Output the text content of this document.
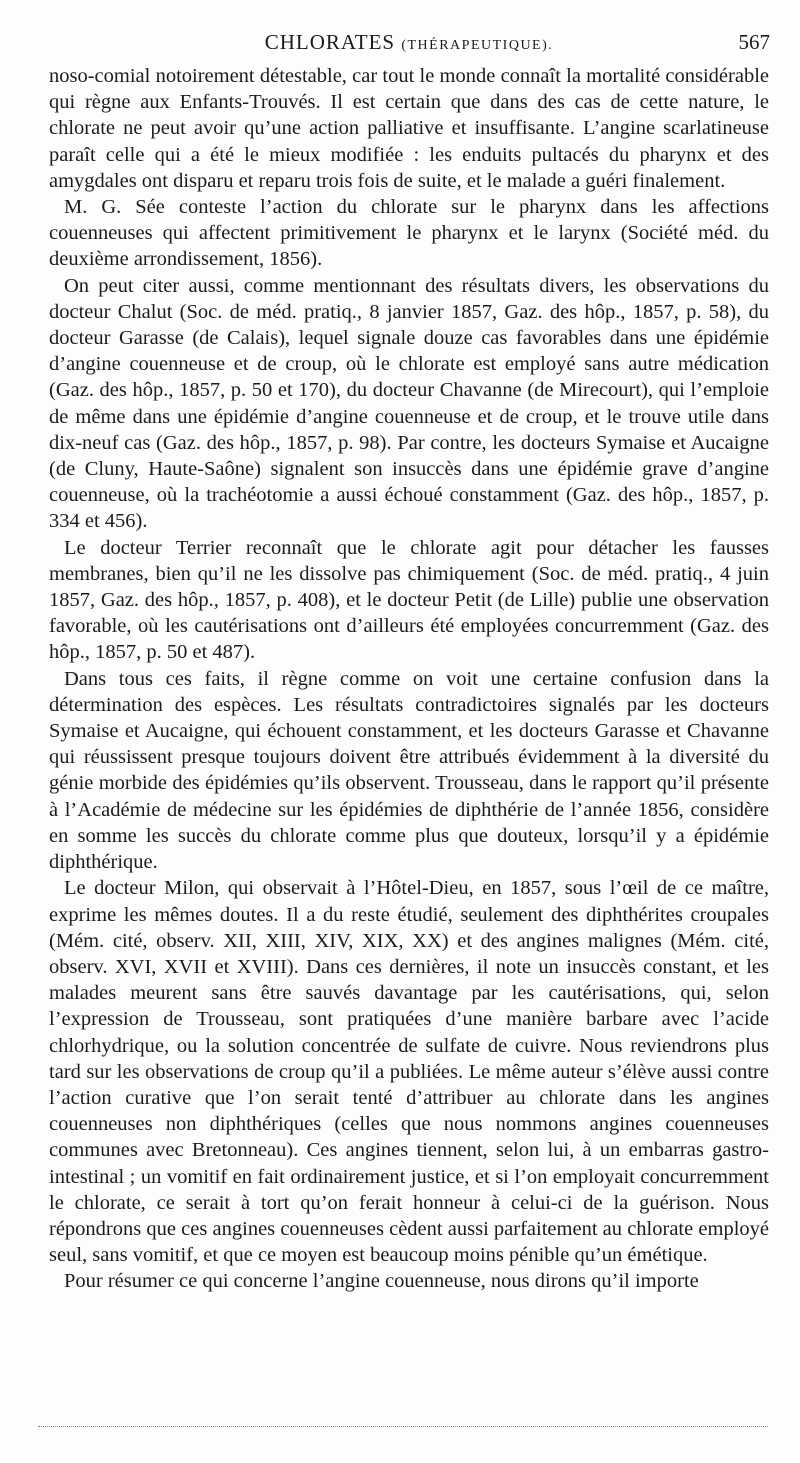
CHLORATES (THÉRAPEUTIQUE).	567

noso-comial notoirement détestable, car tout le monde connaît la mortalité considérable qui règne aux Enfants-Trouvés. Il est certain que dans des cas de cette nature, le chlorate ne peut avoir qu’une action palliative et insuffisante. L’angine scarlatineuse paraît celle qui a été le mieux modifiée : les enduits pultacés du pharynx et des amygdales ont disparu et reparu trois fois de suite, et le malade a guéri finalement.

M. G. Sée conteste l’action du chlorate sur le pharynx dans les affections couenneuses qui affectent primitivement le pharynx et le larynx (Société méd. du deuxième arrondissement, 1856).

On peut citer aussi, comme mentionnant des résultats divers, les observations du docteur Chalut (Soc. de méd. pratiq., 8 janvier 1857, Gaz. des hôp., 1857, p. 58), du docteur Garasse (de Calais), lequel signale douze cas favorables dans une épidémie d’angine couenneuse et de croup, où le chlorate est employé sans autre médication (Gaz. des hôp., 1857, p. 50 et 170), du docteur Chavanne (de Mirecourt), qui l’emploie de même dans une épidémie d’angine couenneuse et de croup, et le trouve utile dans dix-neuf cas (Gaz. des hôp., 1857, p. 98). Par contre, les docteurs Symaise et Aucaigne (de Cluny, Haute-Saône) signalent son insuccès dans une épidémie grave d’angine couenneuse, où la trachéotomie a aussi échoué constamment (Gaz. des hôp., 1857, p. 334 et 456).

Le docteur Terrier reconnaît que le chlorate agit pour détacher les fausses membranes, bien qu’il ne les dissolve pas chimiquement (Soc. de méd. pratiq., 4 juin 1857, Gaz. des hôp., 1857, p. 408), et le docteur Petit (de Lille) publie une observation favorable, où les cautérisations ont d’ailleurs été employées concurremment (Gaz. des hôp., 1857, p. 50 et 487).

Dans tous ces faits, il règne comme on voit une certaine confusion dans la détermination des espèces. Les résultats contradictoires signalés par les docteurs Symaise et Aucaigne, qui échouent constamment, et les docteurs Garasse et Chavanne qui réussissent presque toujours doivent être attribués évidemment à la diversité du génie morbide des épidémies qu’ils observent. Trousseau, dans le rapport qu’il présente à l’Académie de médecine sur les épidémies de diphthérie de l’année 1856, considère en somme les succès du chlorate comme plus que douteux, lorsqu’il y a épidémie diphthérique.

Le docteur Milon, qui observait à l’Hôtel-Dieu, en 1857, sous l’œil de ce maître, exprime les mêmes doutes. Il a du reste étudié, seulement des diphthérites croupales (Mém. cité, observ. XII, XIII, XIV, XIX, XX) et des angines malignes (Mém. cité, observ. XVI, XVII et XVIII). Dans ces dernières, il note un insuccès constant, et les malades meurent sans être sauvés davantage par les cautérisations, qui, selon l’expression de Trousseau, sont pratiquées d’une manière barbare avec l’acide chlorhydrique, ou la solution concentrée de sulfate de cuivre. Nous reviendrons plus tard sur les observations de croup qu’il a publiées. Le même auteur s’élève aussi contre l’action curative que l’on serait tenté d’attribuer au chlorate dans les angines couenneuses non diphthériques (celles que nous nommons angines couenneuses communes avec Bretonneau). Ces angines tiennent, selon lui, à un embarras gastro-intestinal ; un vomitif en fait ordinairement justice, et si l’on employait concurremment le chlorate, ce serait à tort qu’on ferait honneur à celui-ci de la guérison. Nous répondrons que ces angines couenneuses cèdent aussi parfaitement au chlorate employé seul, sans vomitif, et que ce moyen est beaucoup moins pénible qu’un émétique.

Pour résumer ce qui concerne l’angine couenneuse, nous dirons qu’il importe
